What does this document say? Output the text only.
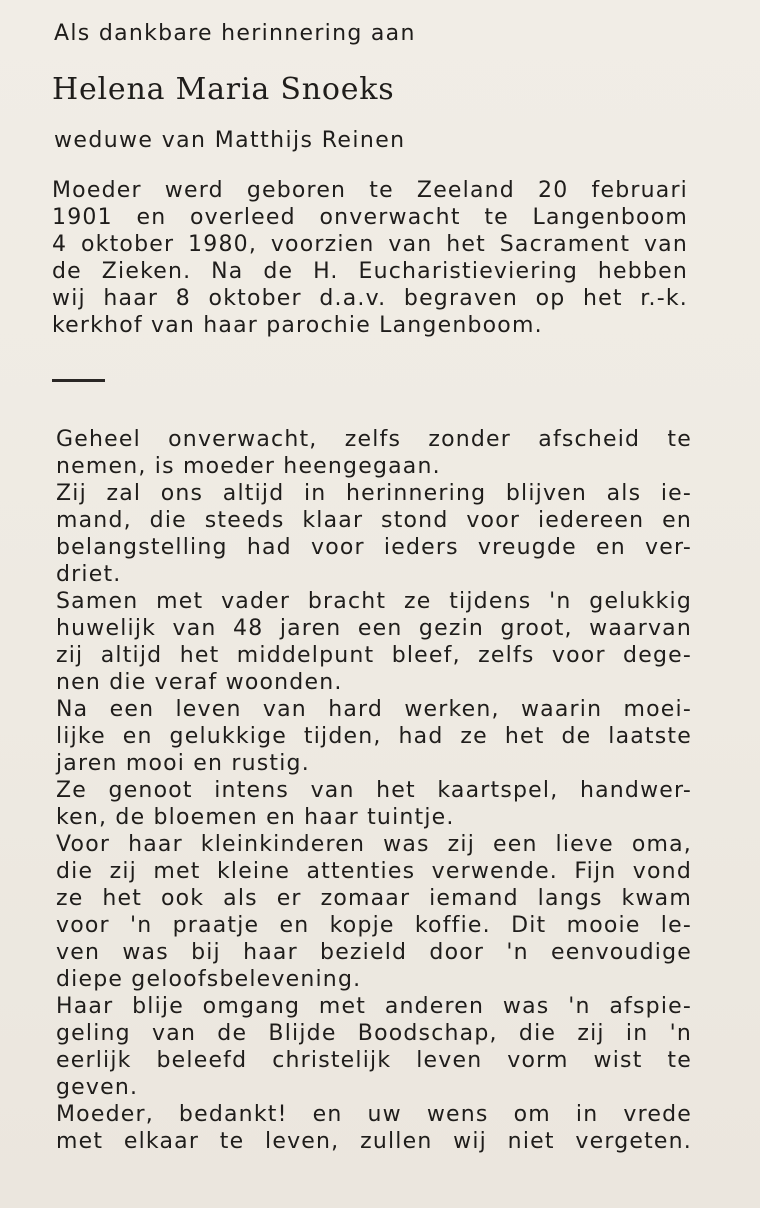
Als dankbare herinnering aan
Helena Maria Snoeks
weduwe van Matthijs Reinen
Moeder werd geboren te Zeeland 20 februari
1901 en overleed onverwacht te Langenboom
4 oktober 1980, voorzien van het Sacrament van
de Zieken. Na de H. Eucharistieviering hebben
wij haar 8 oktober d.a.v. begraven op het r.-k.
kerkhof van haar parochie Langenboom.
Geheel onverwacht, zelfs zonder afscheid te
nemen, is moeder heengegaan.
Zij zal ons altijd in herinnering blijven als ie-
mand, die steeds klaar stond voor iedereen en
belangstelling had voor ieders vreugde en ver-
driet.
Samen met vader bracht ze tijdens 'n gelukkig
huwelijk van 48 jaren een gezin groot, waarvan
zij altijd het middelpunt bleef, zelfs voor dege-
nen die veraf woonden.
Na een leven van hard werken, waarin moei-
lijke en gelukkige tijden, had ze het de laatste
jaren mooi en rustig.
Ze genoot intens van het kaartspel, handwer-
ken, de bloemen en haar tuintje.
Voor haar kleinkinderen was zij een lieve oma,
die zij met kleine attenties verwende. Fijn vond
ze het ook als er zomaar iemand langs kwam
voor 'n praatje en kopje koffie. Dit mooie le-
ven was bij haar bezield door 'n eenvoudige
diepe geloofsbelevening.
Haar blije omgang met anderen was 'n afspie-
geling van de Blijde Boodschap, die zij in 'n
eerlijk beleefd christelijk leven vorm wist te
geven.
Moeder, bedankt! en uw wens om in vrede
met elkaar te leven, zullen wij niet vergeten.
